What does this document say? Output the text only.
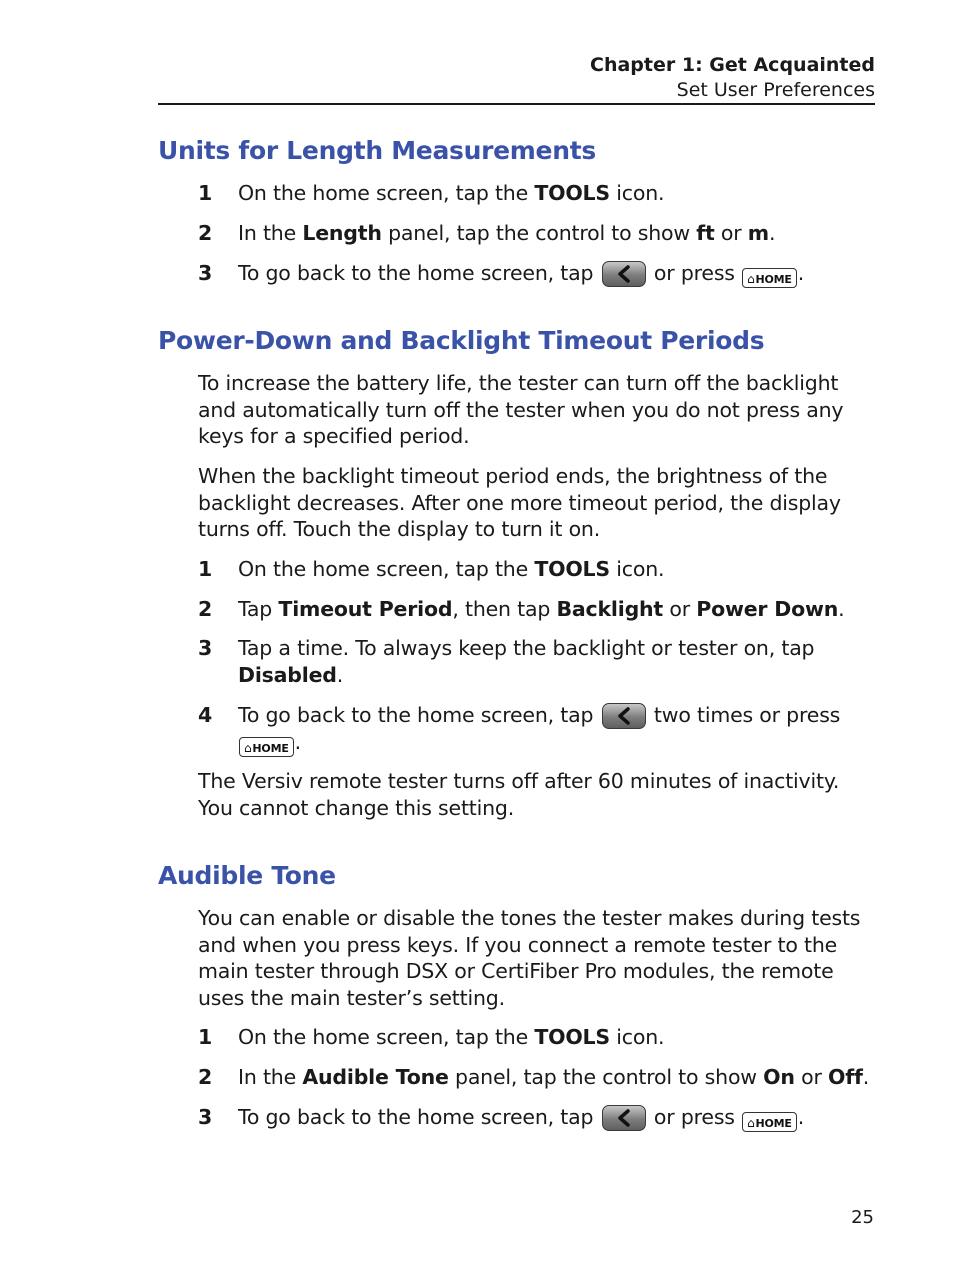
Chapter 1: Get Acquainted
Set User Preferences
Units for Length Measurements
1 On the home screen, tap the TOOLS icon.
2 In the Length panel, tap the control to show ft or m.
3 To go back to the home screen, tap
or press ⌂HOME .
Power-Down and Backlight Timeout Periods

To increase the battery life, the tester can turn off the backlight and automatically turn off the tester when you do not press any keys for a specified period.

When the backlight timeout period ends, the brightness of the backlight decreases. After one more timeout period, the display turns off. Touch the display to turn it on.

1 On the home screen, tap the TOOLS icon.
2 Tap Timeout Period, then tap Backlight or Power Down.
3 Tap a time. To always keep the backlight or tester on, tap Disabled.
4 To go back to the home screen, tap
two times or press
⌂HOME .

The Versiv remote tester turns off after 60 minutes of inactivity. You cannot change this setting.

Audible Tone

You can enable or disable the tones the tester makes during tests and when you press keys. If you connect a remote tester to the main tester through DSX or CertiFiber Pro modules, the remote uses the main tester’s setting.

1 On the home screen, tap the TOOLS icon.
2 In the Audible Tone panel, tap the control to show On or Off.
3 To go back to the home screen, tap
or press ⌂HOME .
25
